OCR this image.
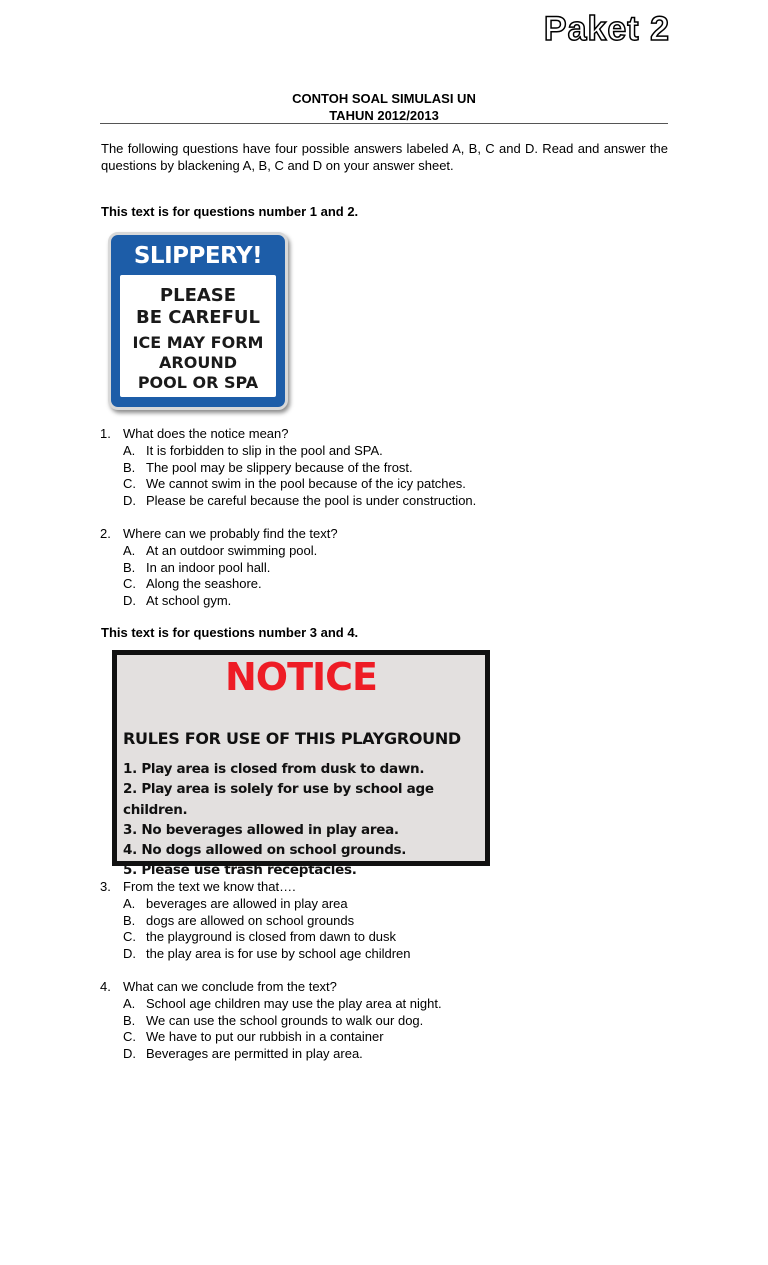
Paket 2
CONTOH SOAL SIMULASI UN
TAHUN 2012/2013
The following questions have four possible answers labeled A, B, C and D. Read and answer the questions by blackening A, B, C and D on your answer sheet.
This text is for questions number 1 and 2.
SLIPPERY!
PLEASE
BE CAREFUL
ICE MAY FORM
AROUND
POOL OR SPA
1. What does the notice mean?
A. It is forbidden to slip in the pool and SPA.
B. The pool may be slippery because of the frost.
C. We cannot swim in the pool because of the icy patches.
D. Please be careful because the pool is under construction.
2. Where can we probably find the text?
A. At an outdoor swimming pool.
B. In an indoor pool hall.
C. Along the seashore.
D. At school gym.
This text is for questions number 3 and 4.
NOTICE
RULES FOR USE OF THIS PLAYGROUND
1. Play area is closed from dusk to dawn.
2. Play area is solely for use by school age children.
3. No beverages allowed in play area.
4. No dogs allowed on school grounds.
5. Please use trash receptacles.
3. From the text we know that….
A. beverages are allowed in play area
B. dogs are allowed on school grounds
C. the playground is closed from dawn to dusk
D. the play area is for use by school age children
4. What can we conclude from the text?
A. School age children may use the play area at night.
B. We can use the school grounds to walk our dog.
C. We have to put our rubbish in a container
D. Beverages are permitted in play area.
